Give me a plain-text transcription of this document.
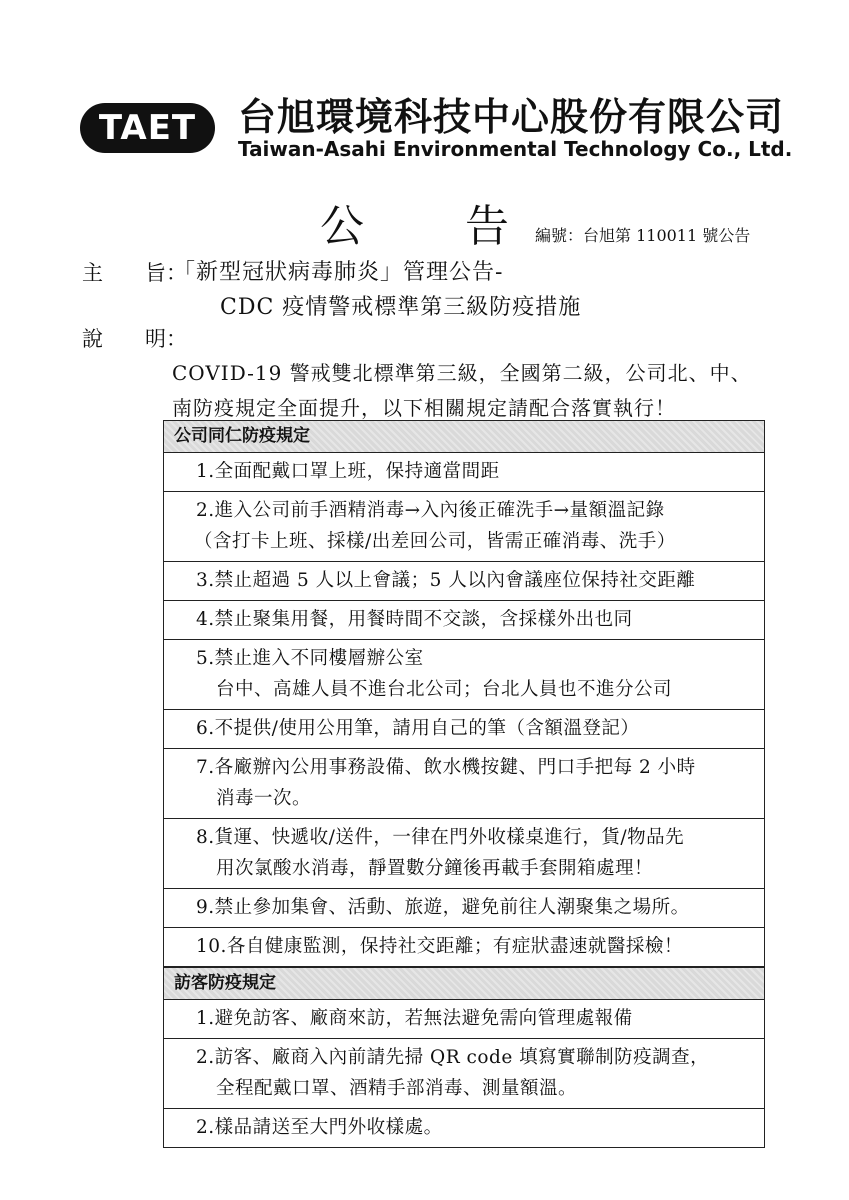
TAET	台旭環境科技中心股份有限公司
Taiwan-Asahi Environmental Technology Co., Ltd.
公 告 編號：台旭第 110011 號公告
主　　旨：
「新型冠狀病毒肺炎」管理公告-
CDC 疫情警戒標準第三級防疫措施
說　　明：
COVID-19 警戒雙北標準第三級，全國第二級，公司北、中、
南防疫規定全面提升，以下相關規定請配合落實執行！
公司同仁防疫規定
1.全面配戴口罩上班，保持適當間距
2.進入公司前手酒精消毒→入內後正確洗手→量額溫記錄
（含打卡上班、採樣/出差回公司，皆需正確消毒、洗手）
3.禁止超過 5 人以上會議；5 人以內會議座位保持社交距離
4.禁止聚集用餐，用餐時間不交談，含採樣外出也同
5.禁止進入不同樓層辦公室
台中、高雄人員不進台北公司；台北人員也不進分公司
6.不提供/使用公用筆，請用自己的筆（含額溫登記）
7.各廠辦內公用事務設備、飲水機按鍵、門口手把每 2 小時
消毒一次。
8.貨運、快遞收/送件，一律在門外收樣桌進行，貨/物品先
用次氯酸水消毒，靜置數分鐘後再載手套開箱處理！
9.禁止參加集會、活動、旅遊，避免前往人潮聚集之場所。
10.各自健康監測，保持社交距離；有症狀盡速就醫採檢！
訪客防疫規定
1.避免訪客、廠商來訪，若無法避免需向管理處報備
2.訪客、廠商入內前請先掃 QR code 填寫實聯制防疫調查，
全程配戴口罩、酒精手部消毒、測量額溫。
2.樣品請送至大門外收樣處。
